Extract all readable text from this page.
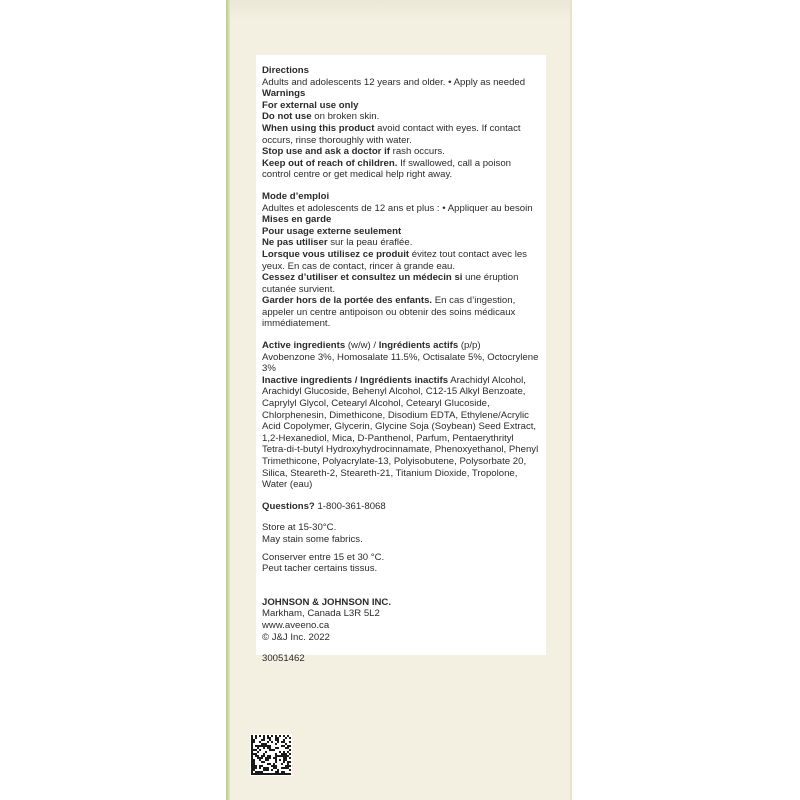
Directions

Adults and adolescents 12 years and older. • Apply as needed

Warnings

For external use only

Do not use on broken skin.

When using this product avoid contact with eyes. If contact occurs, rinse thoroughly with water.

Stop use and ask a doctor if rash occurs.

Keep out of reach of children. If swallowed, call a poison control centre or get medical help right away.

Mode d’emploi

Adultes et adolescents de 12 ans et plus : • Appliquer au besoin

Mises en garde

Pour usage externe seulement

Ne pas utiliser sur la peau éraflée.

Lorsque vous utilisez ce produit évitez tout contact avec les yeux. En cas de contact, rincer à grande eau.

Cessez d’utiliser et consultez un médecin si une éruption cutanée survient.

Garder hors de la portée des enfants. En cas d’ingestion, appeler un centre antipoison ou obtenir des soins médicaux immédiatement.

Active ingredients (w/w) / Ingrédients actifs (p/p)

Avobenzone 3%, Homosalate 11.5%, Octisalate 5%, Octocrylene 3%

Inactive ingredients / Ingrédients inactifs Arachidyl Alcohol, Arachidyl Glucoside, Behenyl Alcohol, C12-15 Alkyl Benzoate, Caprylyl Glycol, Cetearyl Alcohol, Cetearyl Glucoside, Chlorphenesin, Dimethicone, Disodium EDTA, Ethylene/Acrylic Acid Copolymer, Glycerin, Glycine Soja (Soybean) Seed Extract, 1,2-Hexanediol, Mica, D-Panthenol, Parfum, Pentaerythrityl Tetra-di-t-butyl Hydroxyhydrocinnamate, Phenoxyethanol, Phenyl Trimethicone, Polyacrylate-13, Polyisobutene, Polysorbate 20, Silica, Steareth-2, Steareth-21, Titanium Dioxide, Tropolone, Water (eau)

Questions? 1-800-361-8068

Store at 15-30°C.

May stain some fabrics.

Conserver entre 15 et 30 °C.

Peut tacher certains tissus.

JOHNSON & JOHNSON INC.

Markham, Canada L3R 5L2

www.aveeno.ca

© J&J Inc. 2022

30051462
